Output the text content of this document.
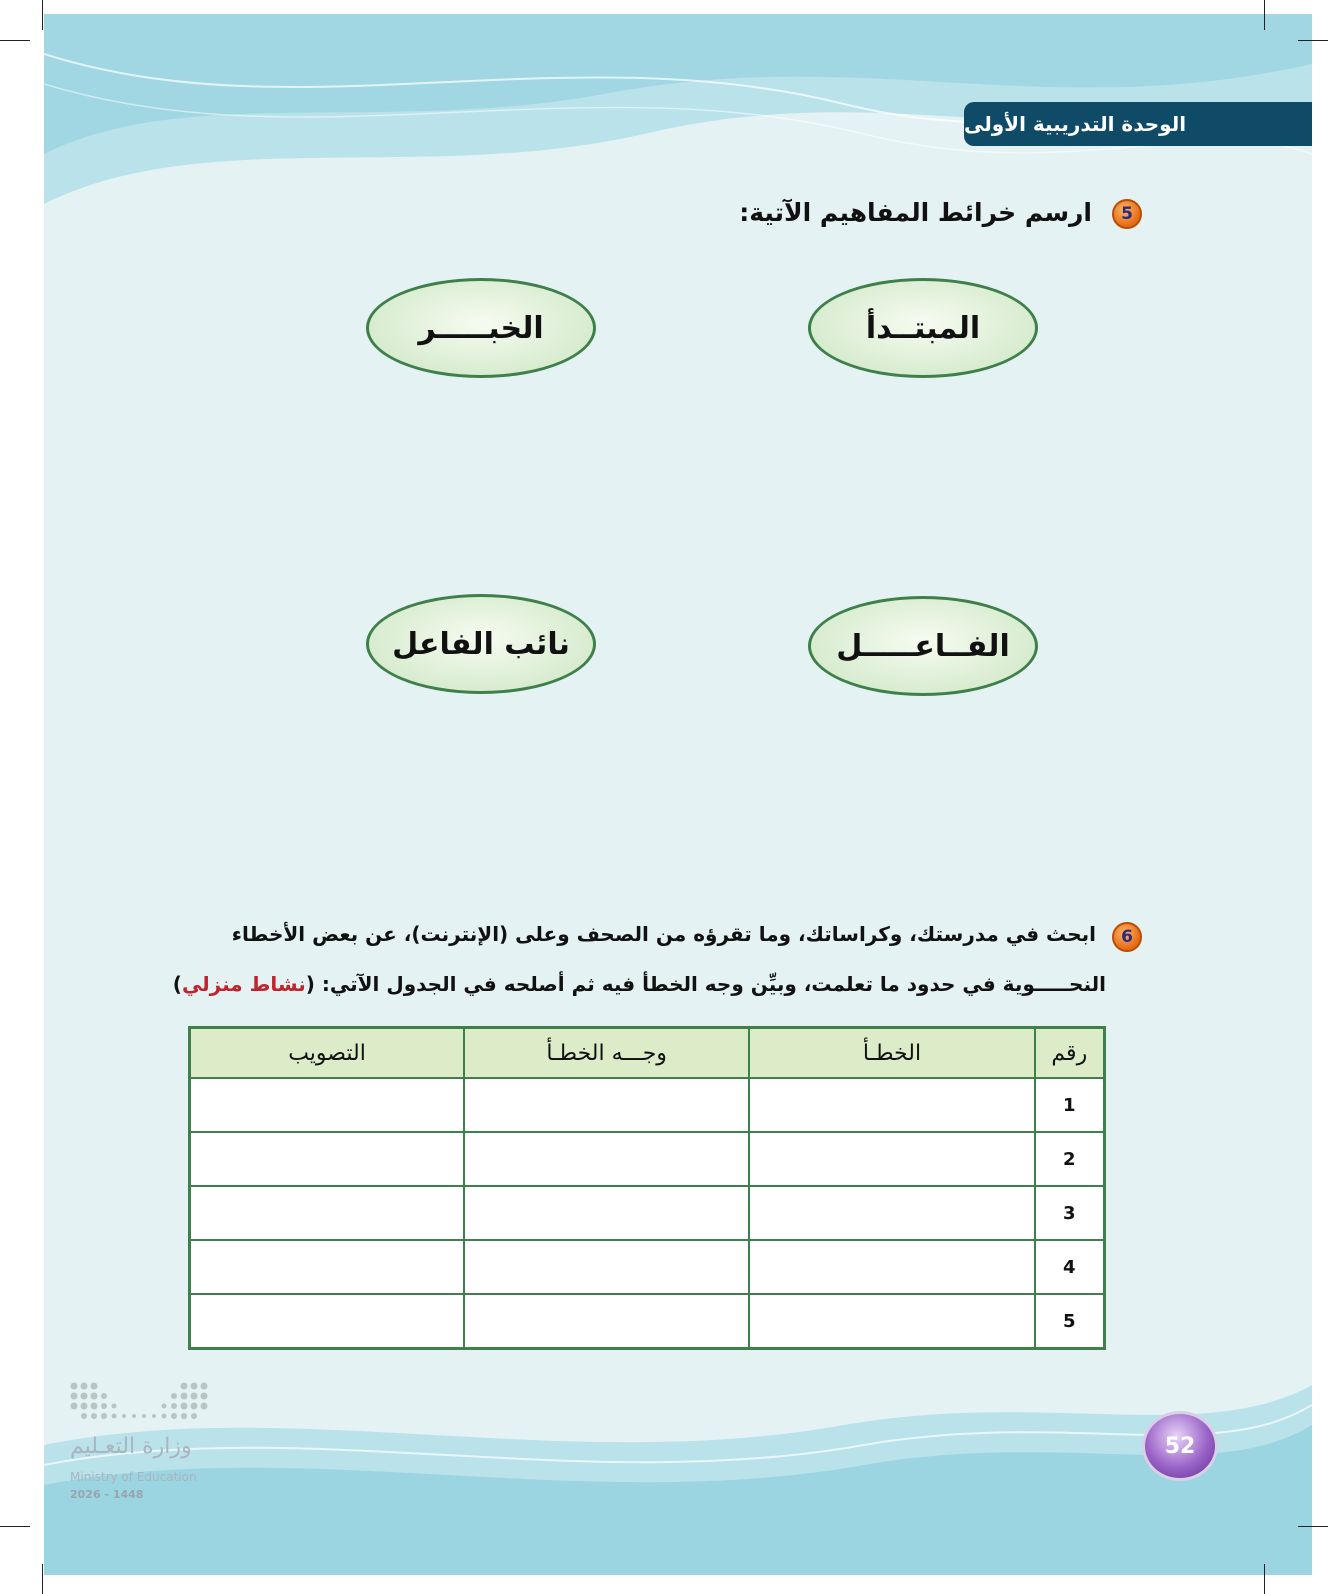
الوحدة التدريبية الأولى
5
ارسم خرائط المفاهيم الآتية:
المبتــدأ
الخبـــــر
الفــاعـــــل
نائب الفاعل
6
ابحث في مدرستك، وكراساتك، وما تقرؤه من الصحف وعلى (الإنترنت)، عن بعض الأخطاء
النحـــــوية في حدود ما تعلمت، وبيِّن وجه الخطأ فيه ثم أصلحه في الجدول الآتي: (نشاط منزلي)
رقم	الخطـأ	وجـــه الخطـأ	التصويب
1			
2			
3			
4			
5			
وزارة التعـليم
Ministry of Education
2026 - 1448
52
